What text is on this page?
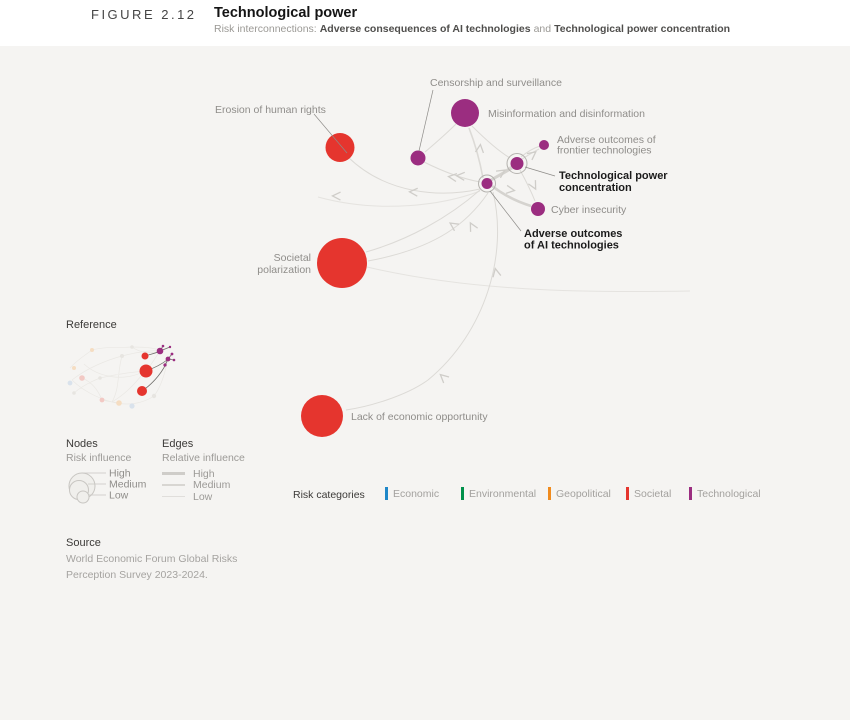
FIGURE 2.12 Technological power
Risk interconnections: Adverse consequences of AI technologies and Technological power concentration
Censorship and surveillance
Misinformation and disinformation
Adverse outcomes of
frontier technologies
Technological power
concentration
Adverse outcomes
of AI technologies
Cyber insecurity
Erosion of human rights
Societal
polarization
Lack of economic opportunity
Reference
Nodes
Risk influence
High
Medium
Low
Edges
Relative influence
High
Medium
Low	Risk categories	Economic	Environmental Geopolitical Societal Technological
Source
World Economic Forum Global Risks
Perception Survey 2023-2024.
